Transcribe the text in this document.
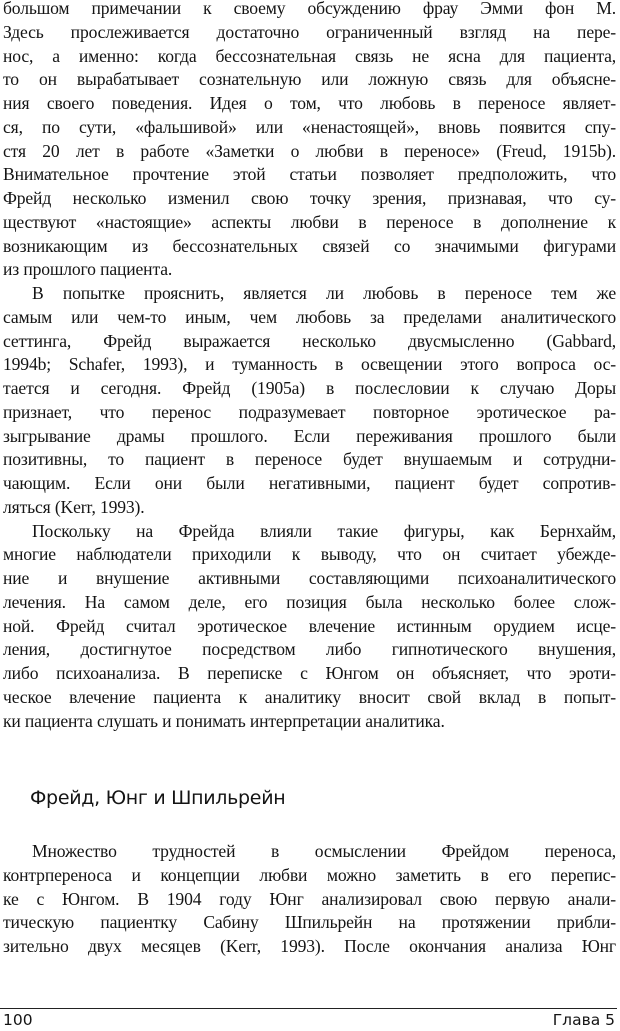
большом примечании к своему обсуждению фрау Эмми фон М.
Здесь прослеживается достаточно ограниченный взгляд на пере-
нос, а именно: когда бессознательная связь не ясна для пациента,
то он вырабатывает сознательную или ложную связь для объясне-
ния своего поведения. Идея о том, что любовь в переносе являет-
ся, по сути, «фальшивой» или «ненастоящей», вновь появится спу-
стя 20 лет в работе «Заметки о любви в переносе» (Freud, 1915b).
Внимательное прочтение этой статьи позволяет предположить, что
Фрейд несколько изменил свою точку зрения, признавая, что су-
ществуют «настоящие» аспекты любви в переносе в дополнение к
возникающим из бессознательных связей со значимыми фигурами
из прошлого пациента.
В попытке прояснить, является ли любовь в переносе тем же
самым или чем-то иным, чем любовь за пределами аналитического
сеттинга, Фрейд выражается несколько двусмысленно (Gabbard,
1994b; Schafer, 1993), и туманность в освещении этого вопроса ос-
тается и сегодня. Фрейд (1905a) в послесловии к случаю Доры
признает, что перенос подразумевает повторное эротическое ра-
зыгрывание драмы прошлого. Если переживания прошлого были
позитивны, то пациент в переносе будет внушаемым и сотрудни-
чающим. Если они были негативными, пациент будет сопротив-
ляться (Kerr, 1993).
Поскольку на Фрейда влияли такие фигуры, как Бернхайм,
многие наблюдатели приходили к выводу, что он считает убежде-
ние и внушение активными составляющими психоаналитического
лечения. На самом деле, его позиция была несколько более слож-
ной. Фрейд считал эротическое влечение истинным орудием исце-
ления, достигнутое посредством либо гипнотического внушения,
либо психоанализа. В переписке с Юнгом он объясняет, что эроти-
ческое влечение пациента к аналитику вносит свой вклад в попыт-
ки пациента слушать и понимать интерпретации аналитика.
Фрейд, Юнг и Шпильрейн
Множество трудностей в осмыслении Фрейдом переноса,
контрпереноса и концепции любви можно заметить в его перепис-
ке с Юнгом. В 1904 году Юнг анализировал свою первую анали-
тическую пациентку Сабину Шпильрейн на протяжении прибли-
зительно двух месяцев (Kerr, 1993). После окончания анализа Юнг
100	Глава 5
